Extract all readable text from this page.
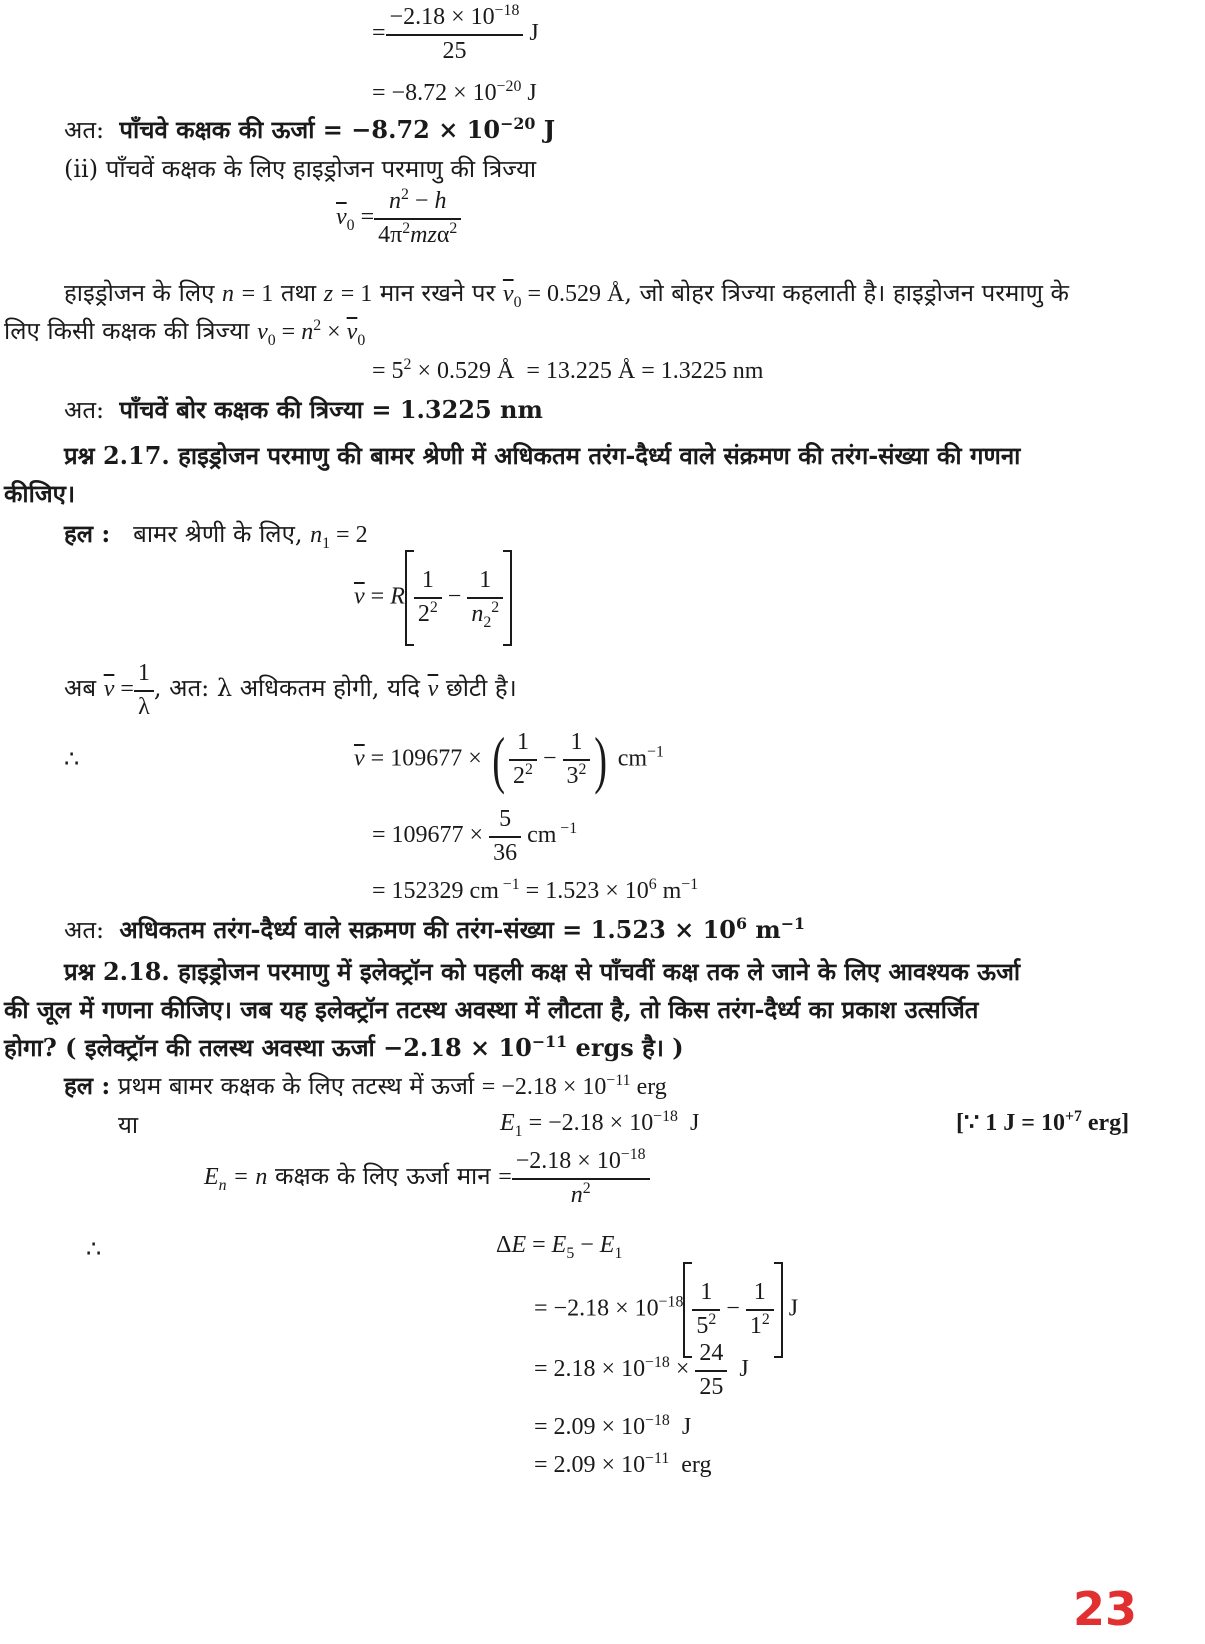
= $\frac{-2.18 \times 10^{-18}}{25}$ J
= $-8.72 \times 10^{-20}$ J
अत: पाँचवे कक्षक की ऊर्जा = $-8.72 \times 10^{-20}$ J
(ii) पाँचवें कक्षक के लिए हाइड्रोजन परमाणु की त्रिज्या
$\overline{v}_0 = \frac{n^2 - h}{4\pi^2mz\alpha^2}$
हाइड्रोजन के लिए n = 1 तथा z = 1 मान रखने पर $\overline{v}_0 = 0.529$ Å, जो बोहर त्रिज्या कहलाती है। हाइड्रोजन परमाणु के
लिए किसी कक्षक की त्रिज्या $v_0 = n^2 \times \overline{v}_0$
= $5^2 \times 0.529$ Å  = 13.225 Å = 1.3225 nm
अत: पाँचवें बोर कक्षक की त्रिज्या = 1.3225 nm
प्रश्न 2.17. हाइड्रोजन परमाणु की बामर श्रेणी में अधिकतम तरंग-दैर्ध्य वाले संक्रमण की तरंग-संख्या की गणना
कीजिए।
हल : बामर श्रेणी के लिए, $n_1 = 2$
$\overline{v} = R \frac{1}{2^2} - \frac{1}{n_2^2}$
अब $\overline{v} = \frac{1}{\lambda}$ , अत: λ अधिकतम होगी, यदि $\overline{v}$ छोटी है।
∴	$\overline{v} = 109677$ × ( $\frac{1}{2^2} - \frac{1}{3^2}$ ) $cm^{-1}$
= $109677 \times \frac{5}{36}$ cm $^{-1}$
= 152329 cm $^{-1} = 1.523 \times 10^6$ $m^{-1}$
अत: अधिकतम तरंग-दैर्ध्य वाले सक्रमण की तरंग-संख्या = $1.523 \times 10^6$ $m^{-1}$
प्रश्न 2.18. हाइड्रोजन परमाणु में इलेक्ट्रॉन को पहली कक्ष से पाँचवीं कक्ष तक ले जाने के लिए आवश्यक ऊर्जा
की जूल में गणना कीजिए। जब यह इलेक्ट्रॉन तटस्थ अवस्था में लौटता है, तो किस तरंग-दैर्ध्य का प्रकाश उत्सर्जित
होगा? ( इलेक्ट्रॉन की तलस्थ अवस्था ऊर्जा $-2.18 \times 10^{-11}$ ergs है। )
हल : प्रथम बामर कक्षक के लिए तटस्थ में ऊर्जा = $-2.18 \times 10^{-11}$ erg
या	$E_1 = -2.18 \times 10^{-18}$  J	[∵ 1 $J = 10^{+7}$ erg]
$E_n = n$ कक्षक के लिए ऊर्जा मान = $\frac{-2.18 \times 10^{-18}}{n^2}$
∴	$\Delta E = E_5 - E_1$
= $-2.18 \times 10^{-18} \frac{1}{5^2} - \frac{1}{1^2}$ J
= $2.18 \times 10^{-18} \times \frac{24}{25}$ J
= $2.09 \times 10^{-18}$  J
= $2.09 \times 10^{-11}$  erg
23
